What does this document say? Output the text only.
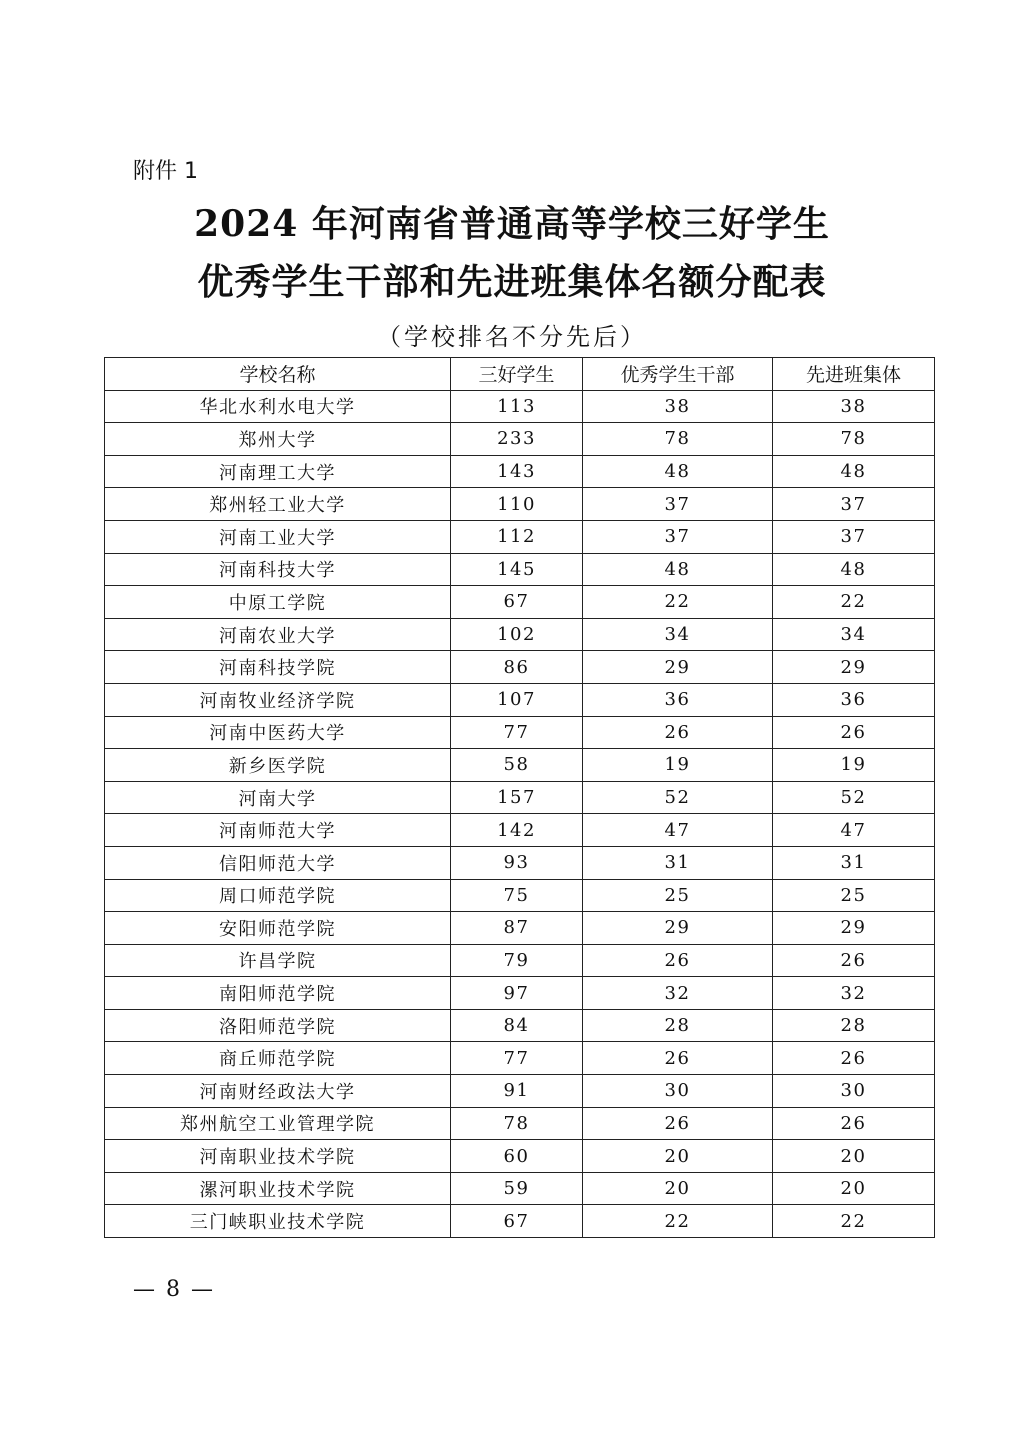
附件 1
2024 年河南省普通高等学校三好学生
优秀学生干部和先进班集体名额分配表
（学校排名不分先后）
学校名称	三好学生	优秀学生干部	先进班集体
华北水利水电大学	113	38	38
郑州大学	233	78	78
河南理工大学	143	48	48
郑州轻工业大学	110	37	37
河南工业大学	112	37	37
河南科技大学	145	48	48
中原工学院	67	22	22
河南农业大学	102	34	34
河南科技学院	86	29	29
河南牧业经济学院	107	36	36
河南中医药大学	77	26	26
新乡医学院	58	19	19
河南大学	157	52	52
河南师范大学	142	47	47
信阳师范大学	93	31	31
周口师范学院	75	25	25
安阳师范学院	87	29	29
许昌学院	79	26	26
南阳师范学院	97	32	32
洛阳师范学院	84	28	28
商丘师范学院	77	26	26
河南财经政法大学	91	30	30
郑州航空工业管理学院	78	26	26
河南职业技术学院	60	20	20
漯河职业技术学院	59	20	20
三门峡职业技术学院	67	22	22
— 8 —
